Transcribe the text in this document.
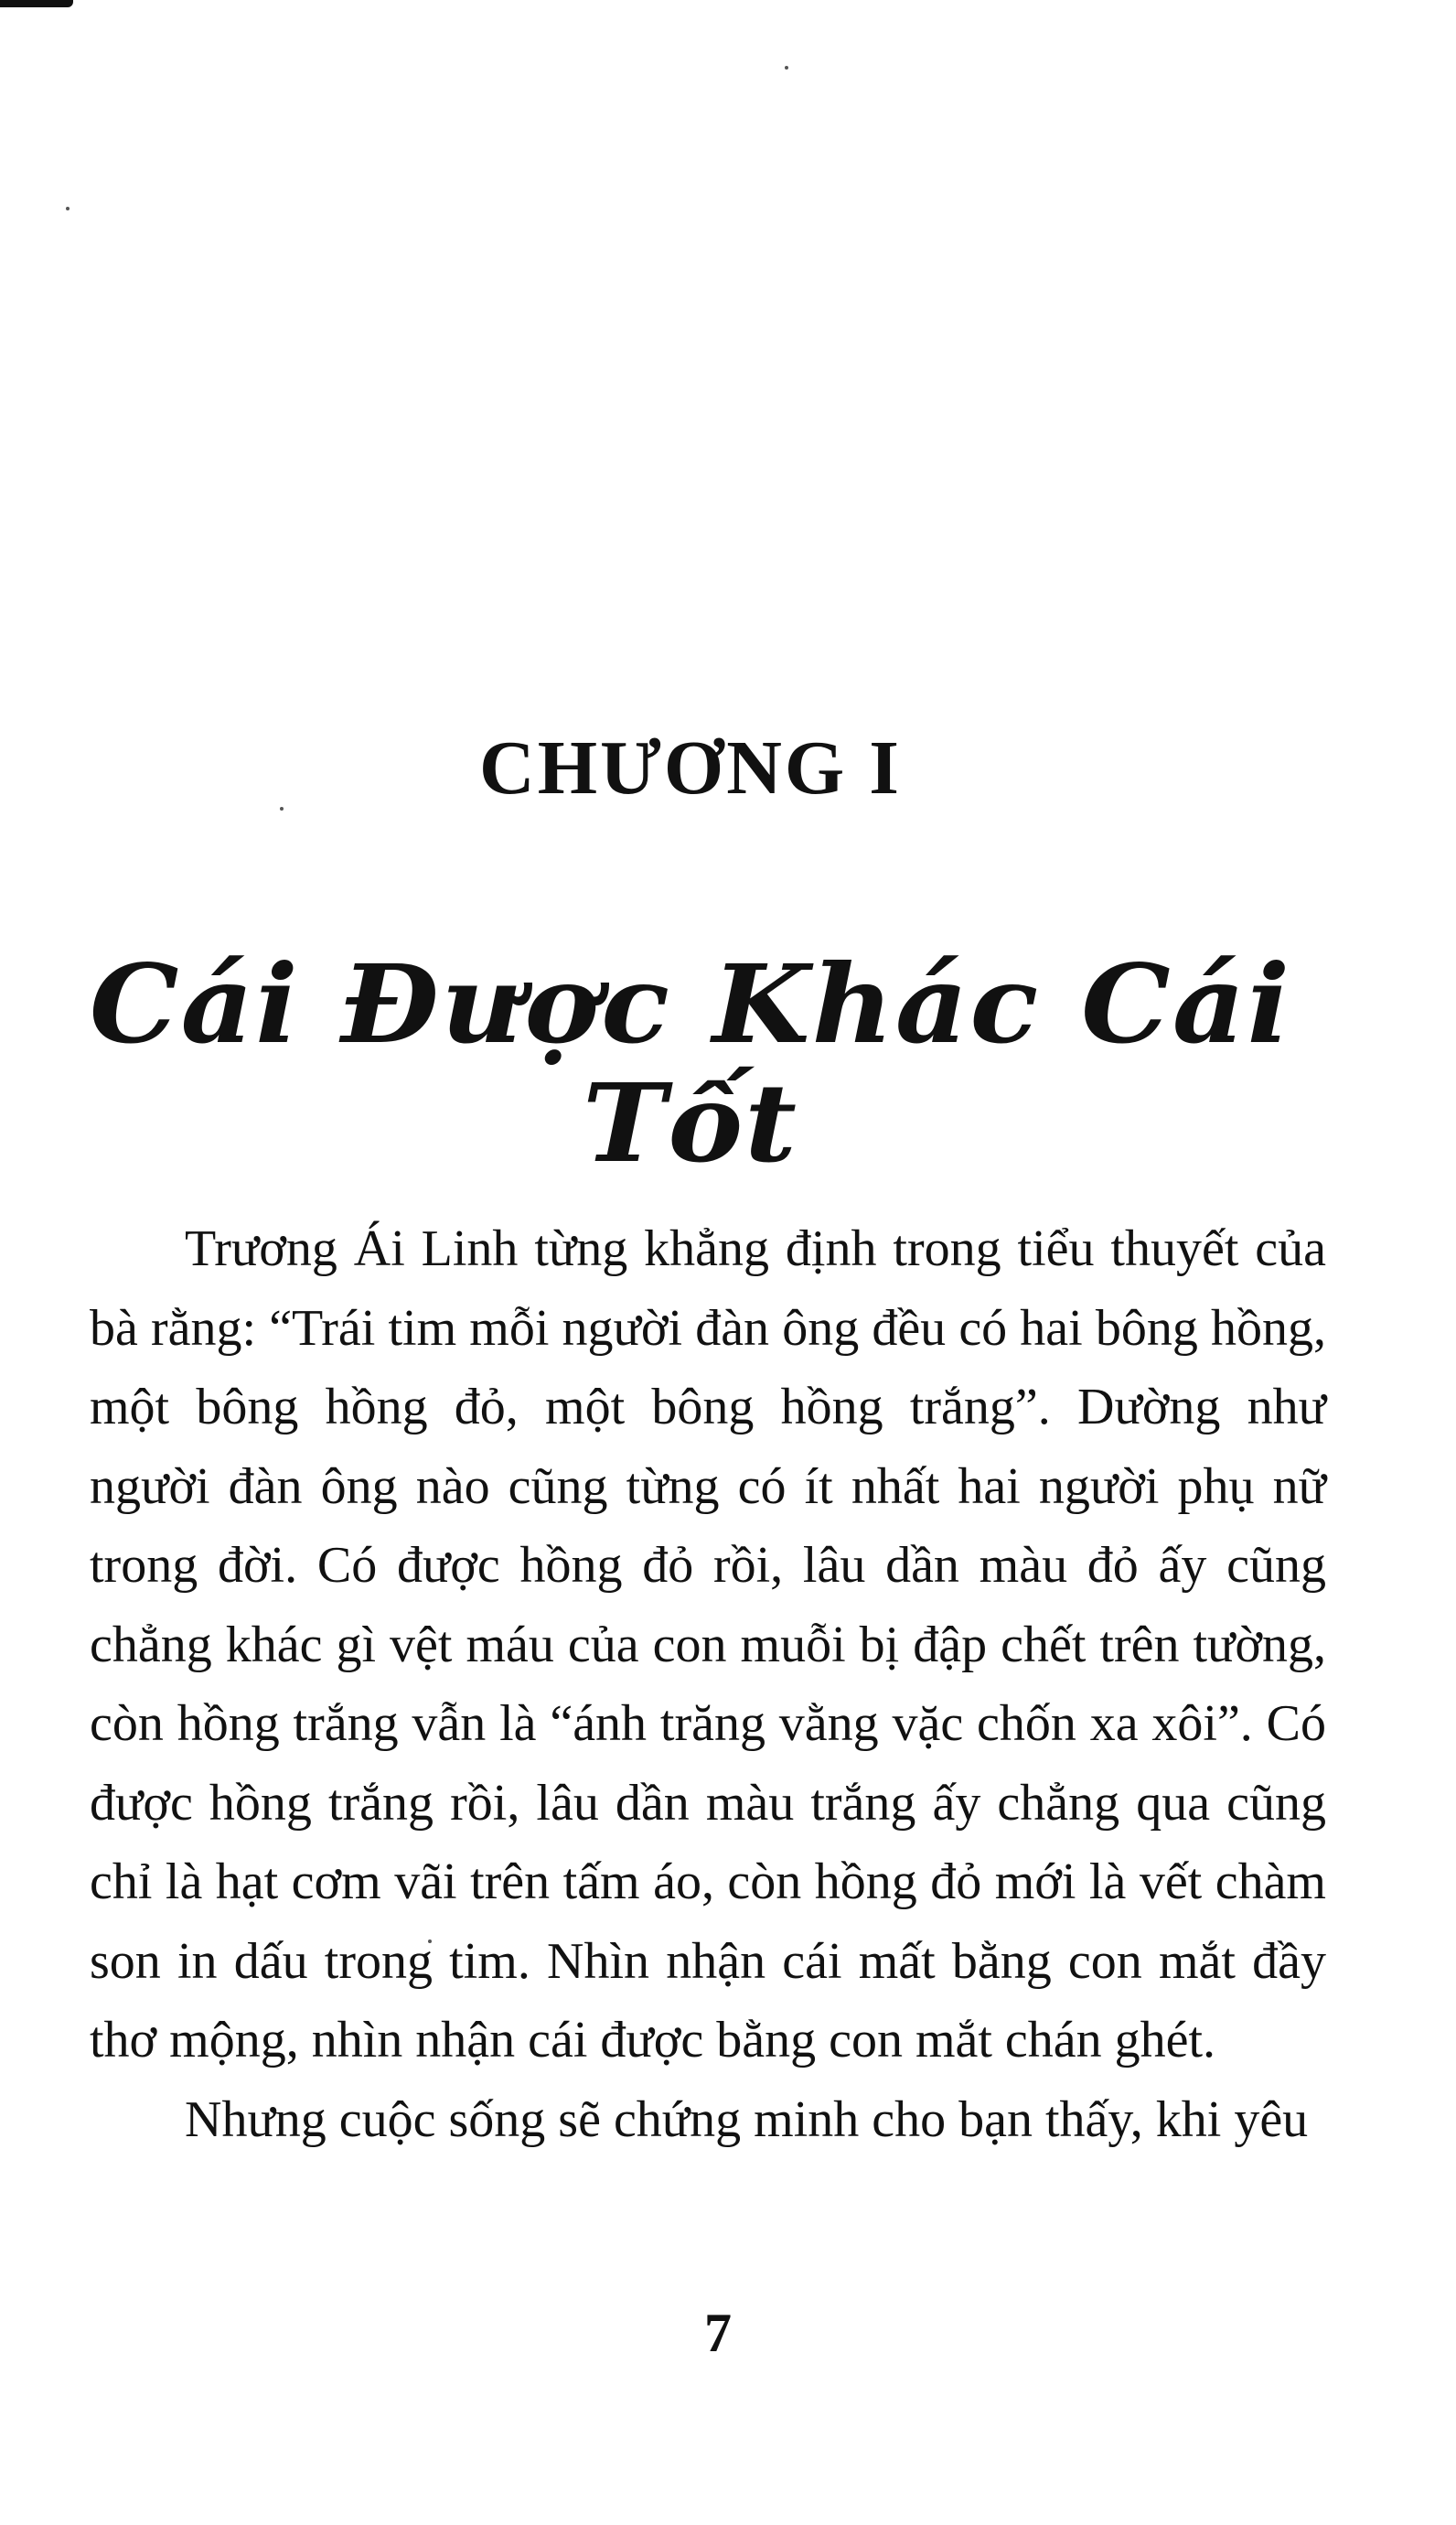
CHƯƠNG I
Cái Được Khác Cái Tốt

Trương Ái Linh từng khẳng định trong tiểu thuyết của bà rằng: “Trái tim mỗi người đàn ông đều có hai bông hồng, một bông hồng đỏ, một bông hồng trắng”. Dường như người đàn ông nào cũng từng có ít nhất hai người phụ nữ trong đời. Có được hồng đỏ rồi, lâu dần màu đỏ ấy cũng chẳng khác gì vệt máu của con muỗi bị đập chết trên tường, còn hồng trắng vẫn là “ánh trăng vằng vặc chốn xa xôi”. Có được hồng trắng rồi, lâu dần màu trắng ấy chẳng qua cũng chỉ là hạt cơm vãi trên tấm áo, còn hồng đỏ mới là vết chàm son in dấu trong tim. Nhìn nhận cái mất bằng con mắt đầy thơ mộng, nhìn nhận cái được bằng con mắt chán ghét.

Nhưng cuộc sống sẽ chứng minh cho bạn thấy, khi yêu

7
